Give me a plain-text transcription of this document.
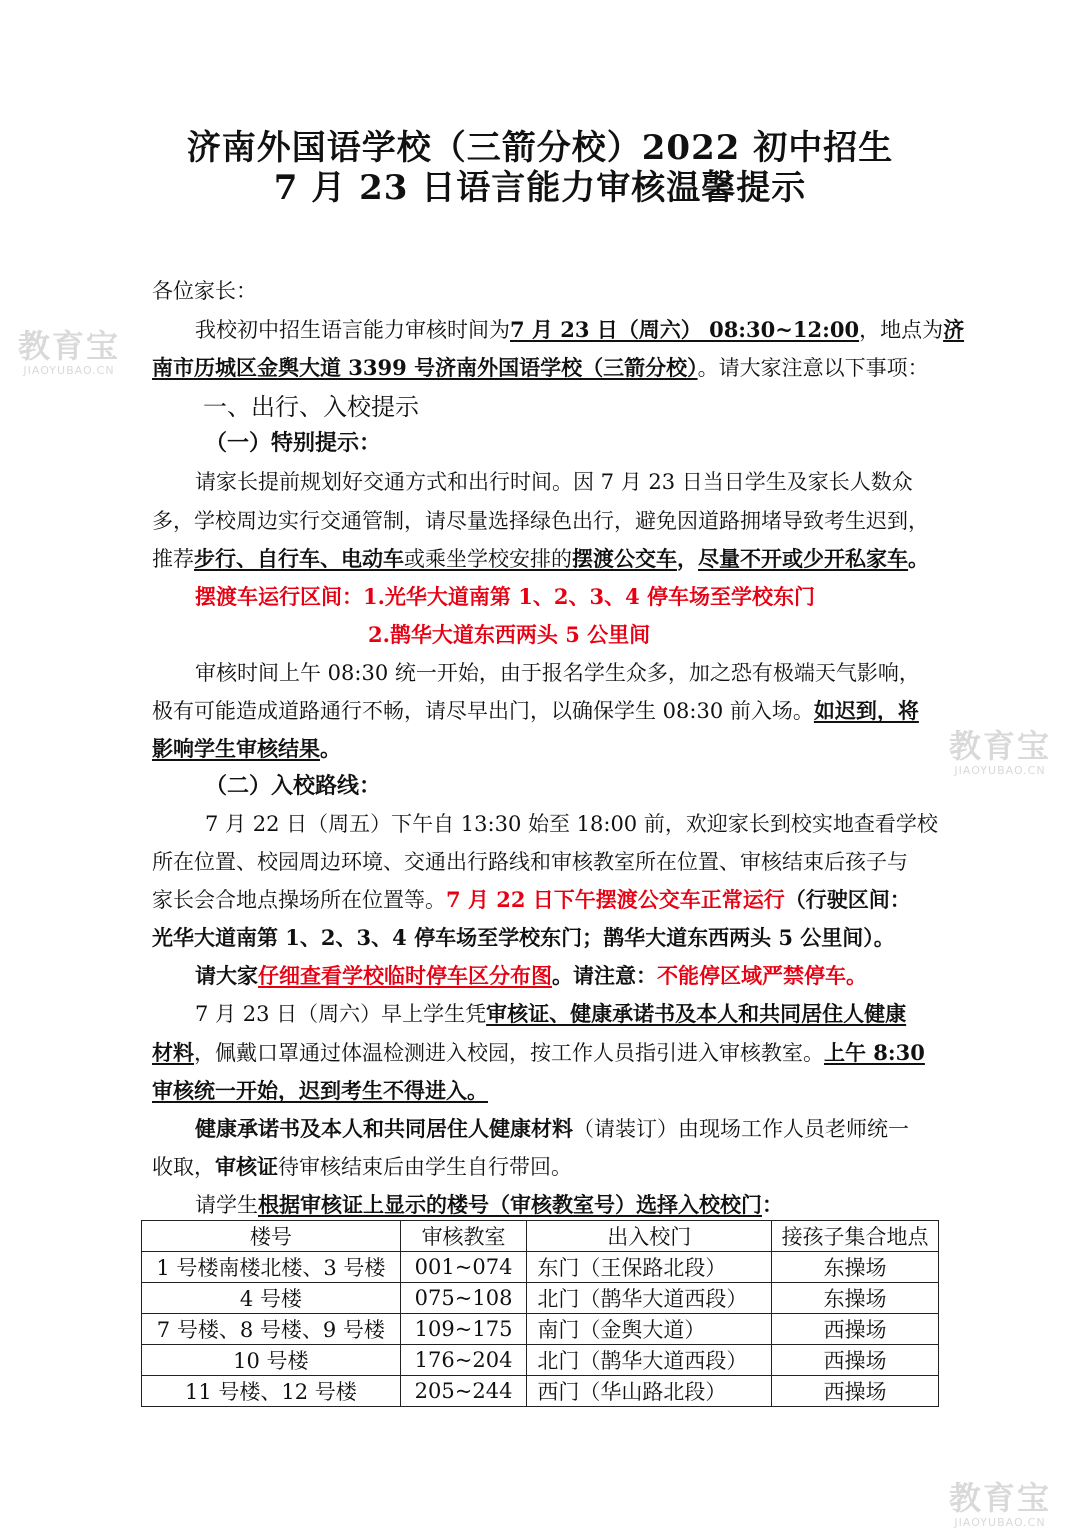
济南外国语学校（三箭分校）2022 初中招生
7 月 23 日语言能力审核温馨提示
各位家长：
我校初中招生语言能力审核时间为7 月 23 日（周六） 08:30~12:00，地点为济
南市历城区金舆大道 3399 号济南外国语学校（三箭分校）。请大家注意以下事项：
一、出行、入校提示
（一）特别提示：
请家长提前规划好交通方式和出行时间。因 7 月 23 日当日学生及家长人数众
多，学校周边实行交通管制，请尽量选择绿色出行，避免因道路拥堵导致考生迟到，
推荐步行、自行车、电动车或乘坐学校安排的摆渡公交车，尽量不开或少开私家车。
摆渡车运行区间：1.光华大道南第 1、2、3、4 停车场至学校东门
2.鹊华大道东西两头 5 公里间
审核时间上午 08:30 统一开始，由于报名学生众多，加之恐有极端天气影响，
极有可能造成道路通行不畅，请尽早出门，以确保学生 08:30 前入场。如迟到，将
影响学生审核结果。
（二）入校路线：
7 月 22 日（周五）下午自 13:30 始至 18:00 前，欢迎家长到校实地查看学校
所在位置、校园周边环境、交通出行路线和审核教室所在位置、审核结束后孩子与
家长会合地点操场所在位置等。7 月 22 日下午摆渡公交车正常运行（行驶区间：
光华大道南第 1、2、3、4 停车场至学校东门；鹊华大道东西两头 5 公里间）。
请大家仔细查看学校临时停车区分布图。请注意：不能停区域严禁停车。
7 月 23 日（周六）早上学生凭审核证、健康承诺书及本人和共同居住人健康
材料，佩戴口罩通过体温检测进入校园，按工作人员指引进入审核教室。上午 8:30
审核统一开始，迟到考生不得进入。
健康承诺书及本人和共同居住人健康材料（请装订）由现场工作人员老师统一
收取，审核证待审核结束后由学生自行带回。
请学生根据审核证上显示的楼号（审核教室号）选择入校校门：
楼号	审核教室	出入校门	接孩子集合地点
1 号楼南楼北楼、3 号楼	001~074	东门（王保路北段）	东操场
4 号楼	075~108	北门（鹊华大道西段）	东操场
7 号楼、8 号楼、9 号楼	109~175	南门（金舆大道）	西操场
10 号楼	176~204	北门（鹊华大道西段）	西操场
11 号楼、12 号楼	205~244	西门（华山路北段）	西操场
教育宝
JIAOYUBAO.CN
教育宝
JIAOYUBAO.CN
教育宝
JIAOYUBAO.CN
